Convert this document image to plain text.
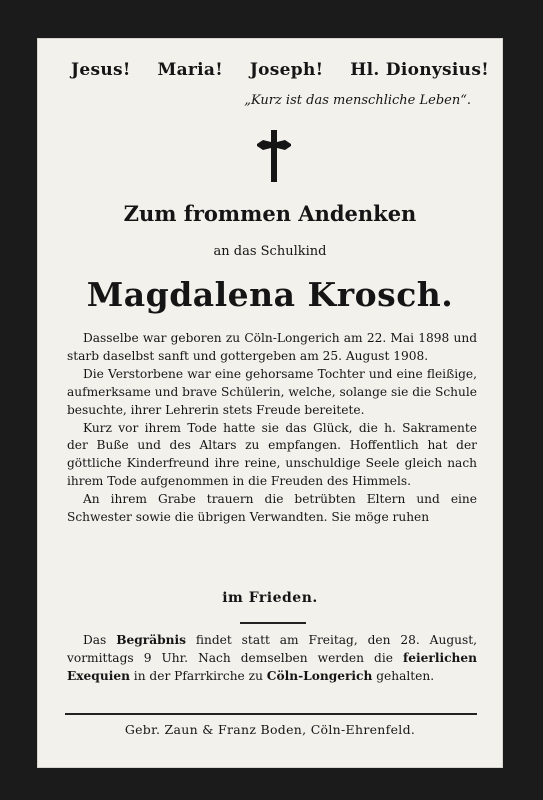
Jesus! Maria! Joseph! Hl. Dionysius!
„Kurz ist das menschliche Leben“.
Zum frommen Andenken
an das Schulkind
Magdalena Krosch.

Dasselbe war geboren zu Cöln-Longerich am 22. Mai 1898 und starb daselbst sanft und gottergeben am 25. August 1908.

Die Verstorbene war eine gehorsame Tochter und eine fleißige, aufmerksame und brave Schülerin, welche, solange sie die Schule besuchte, ihrer Lehrerin stets Freude bereitete.

Kurz vor ihrem Tode hatte sie das Glück, die h. Sakramente der Buße und des Altars zu empfangen. Hoffentlich hat der göttliche Kinderfreund ihre reine, unschuldige Seele gleich nach ihrem Tode aufgenommen in die Freuden des Himmels.

An ihrem Grabe trauern die betrübten Eltern und eine Schwester sowie die übrigen Verwandten. Sie möge ruhen

im Frieden.

Das Begräbnis findet statt am Freitag, den 28. August, vormittags 9 Uhr. Nach demselben werden die feierlichen Exequien in der Pfarrkirche zu Cöln-Longerich gehalten.

Gebr. Zaun & Franz Boden, Cöln-Ehrenfeld.
